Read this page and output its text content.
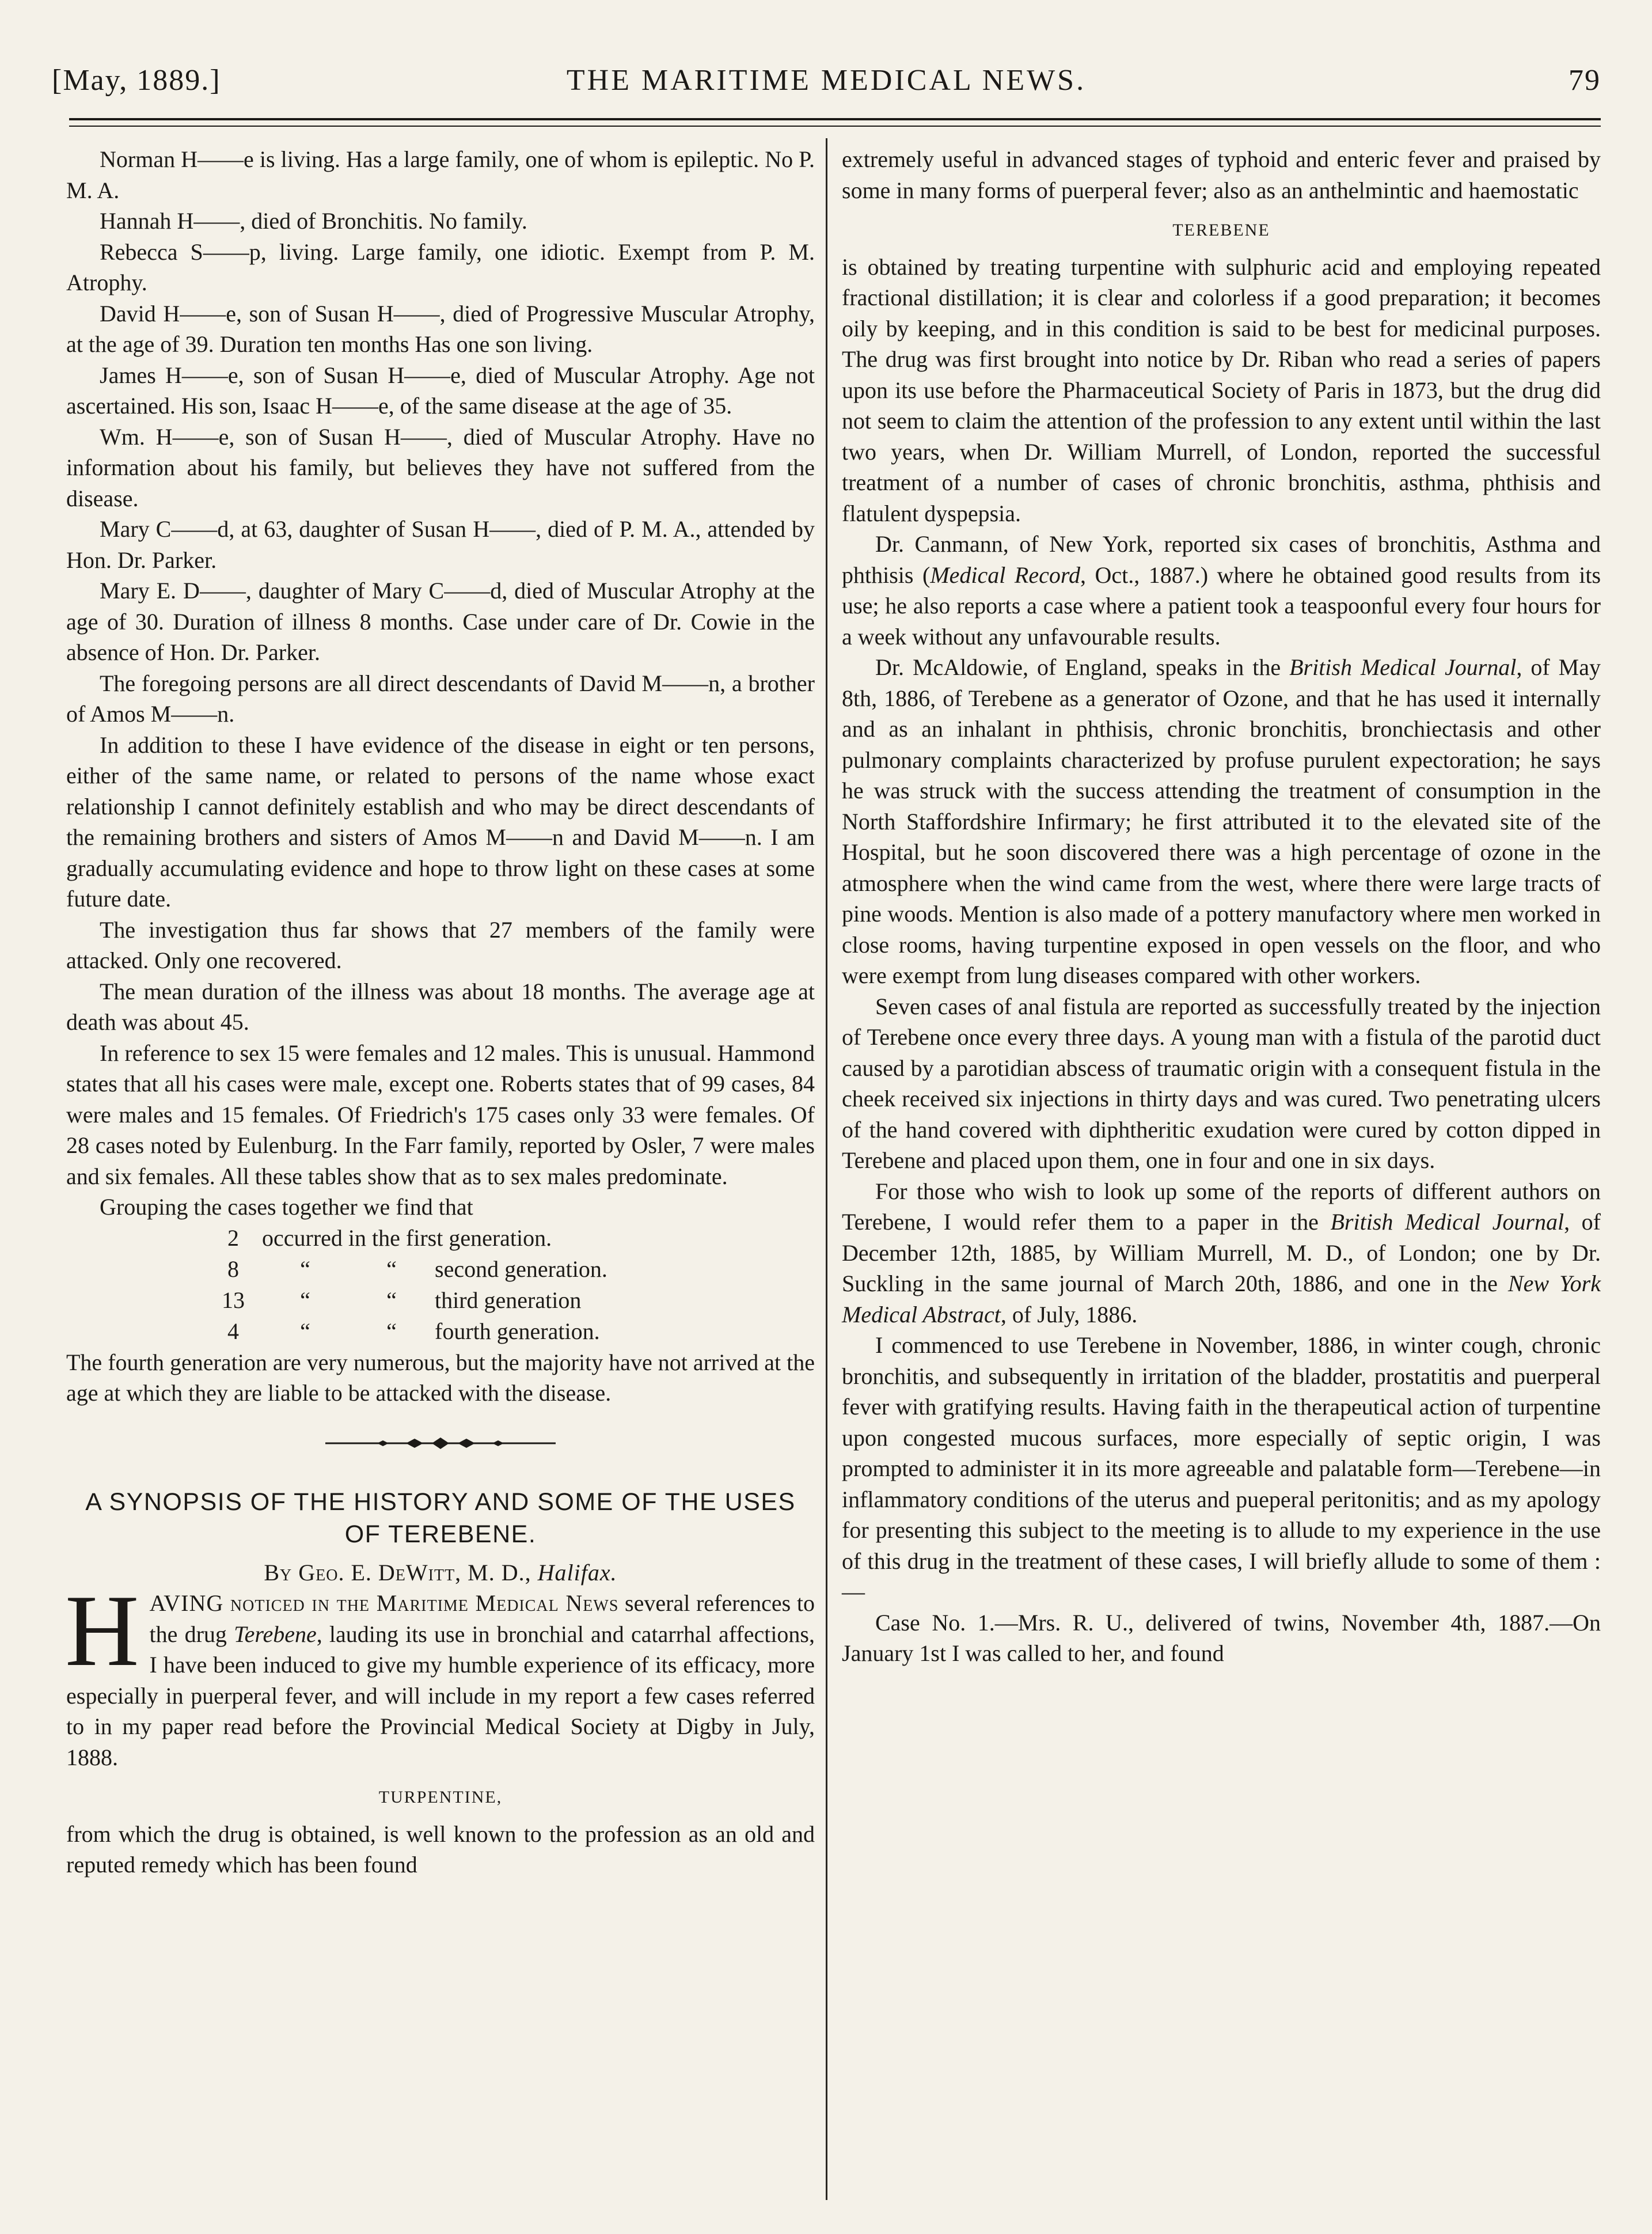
[May, 1889.]	THE MARITIME MEDICAL NEWS.	79

Norman H——e is living. Has a large family, one of whom is epileptic. No P. M. A.

Hannah H——, died of Bronchitis. No family.

Rebecca S——p, living. Large family, one idiotic. Exempt from P. M. Atrophy.

David H——e, son of Susan H——, died of Progressive Muscular Atrophy, at the age of 39. Duration ten months Has one son living.

James H——e, son of Susan H——e, died of Muscular Atrophy. Age not ascertained. His son, Isaac H——e, of the same disease at the age of 35.

Wm. H——e, son of Susan H——, died of Muscular Atrophy. Have no information about his family, but believes they have not suffered from the disease.

Mary C——d, at 63, daughter of Susan H——, died of P. M. A., attended by Hon. Dr. Parker.

Mary E. D——, daughter of Mary C——d, died of Muscular Atrophy at the age of 30. Duration of illness 8 months. Case under care of Dr. Cowie in the absence of Hon. Dr. Parker.

The foregoing persons are all direct descendants of David M——n, a brother of Amos M——n.

In addition to these I have evidence of the disease in eight or ten persons, either of the same name, or related to persons of the name whose exact relationship I cannot definitely establish and who may be direct descendants of the remaining brothers and sisters of Amos M——n and David M——n. I am gradually accumulating evidence and hope to throw light on these cases at some future date.

The investigation thus far shows that 27 members of the family were attacked. Only one recovered.

The mean duration of the illness was about 18 months. The average age at death was about 45.

In reference to sex 15 were females and 12 males. This is unusual. Hammond states that all his cases were male, except one. Roberts states that of 99 cases, 84 were males and 15 females. Of Friedrich's 175 cases only 33 were females. Of 28 cases noted by Eulenburg. In the Farr family, reported by Osler, 7 were males and six females. All these tables show that as to sex males predominate.

Grouping the cases together we find that

2	occurred in the first generation.
8	“	“	second generation.
13	“	“	third generation
4	“	“	fourth generation.

The fourth generation are very numerous, but the majority have not arrived at the age at which they are liable to be attacked with the disease.

A SYNOPSIS OF THE HISTORY AND SOME OF THE USES OF TEREBENE.

By Geo. E. DeWitt, M. D., Halifax.

HAVING noticed in the Maritime Medical News several references to the drug Terebene, lauding its use in bronchial and catarrhal affections, I have been induced to give my humble experience of its efficacy, more especially in puerperal fever, and will include in my report a few cases referred to in my paper read before the Provincial Medical Society at Digby in July, 1888.

TURPENTINE,

from which the drug is obtained, is well known to the profession as an old and reputed remedy which has been found

extremely useful in advanced stages of typhoid and enteric fever and praised by some in many forms of puerperal fever; also as an anthelmintic and haemostatic

TEREBENE

is obtained by treating turpentine with sulphuric acid and employing repeated fractional distillation; it is clear and colorless if a good preparation; it becomes oily by keeping, and in this condition is said to be best for medicinal purposes. The drug was first brought into notice by Dr. Riban who read a series of papers upon its use before the Pharmaceutical Society of Paris in 1873, but the drug did not seem to claim the attention of the profession to any extent until within the last two years, when Dr. William Murrell, of London, reported the successful treatment of a number of cases of chronic bronchitis, asthma, phthisis and flatulent dyspepsia.

Dr. Canmann, of New York, reported six cases of bronchitis, Asthma and phthisis (Medical Record, Oct., 1887.) where he obtained good results from its use; he also reports a case where a patient took a teaspoonful every four hours for a week without any unfavourable results.

Dr. McAldowie, of England, speaks in the British Medical Journal, of May 8th, 1886, of Terebene as a generator of Ozone, and that he has used it internally and as an inhalant in phthisis, chronic bronchitis, bronchiectasis and other pulmonary complaints characterized by profuse purulent expectoration; he says he was struck with the success attending the treatment of consumption in the North Staffordshire Infirmary; he first attributed it to the elevated site of the Hospital, but he soon discovered there was a high percentage of ozone in the atmosphere when the wind came from the west, where there were large tracts of pine woods. Mention is also made of a pottery manufactory where men worked in close rooms, having turpentine exposed in open vessels on the floor, and who were exempt from lung diseases compared with other workers.

Seven cases of anal fistula are reported as successfully treated by the injection of Terebene once every three days. A young man with a fistula of the parotid duct caused by a parotidian abscess of traumatic origin with a consequent fistula in the cheek received six injections in thirty days and was cured. Two penetrating ulcers of the hand covered with diphtheritic exudation were cured by cotton dipped in Terebene and placed upon them, one in four and one in six days.

For those who wish to look up some of the reports of different authors on Terebene, I would refer them to a paper in the British Medical Journal, of December 12th, 1885, by William Murrell, M. D., of London; one by Dr. Suckling in the same journal of March 20th, 1886, and one in the New York Medical Abstract, of July, 1886.

I commenced to use Terebene in November, 1886, in winter cough, chronic bronchitis, and subsequently in irritation of the bladder, prostatitis and puerperal fever with gratifying results. Having faith in the therapeutical action of turpentine upon congested mucous surfaces, more especially of septic origin, I was prompted to administer it in its more agreeable and palatable form—Terebene—in inflammatory conditions of the uterus and pueperal peritonitis; and as my apology for presenting this subject to the meeting is to allude to my experience in the use of this drug in the treatment of these cases, I will briefly allude to some of them :—

Case No. 1.—Mrs. R. U., delivered of twins, November 4th, 1887.—On January 1st I was called to her, and found
